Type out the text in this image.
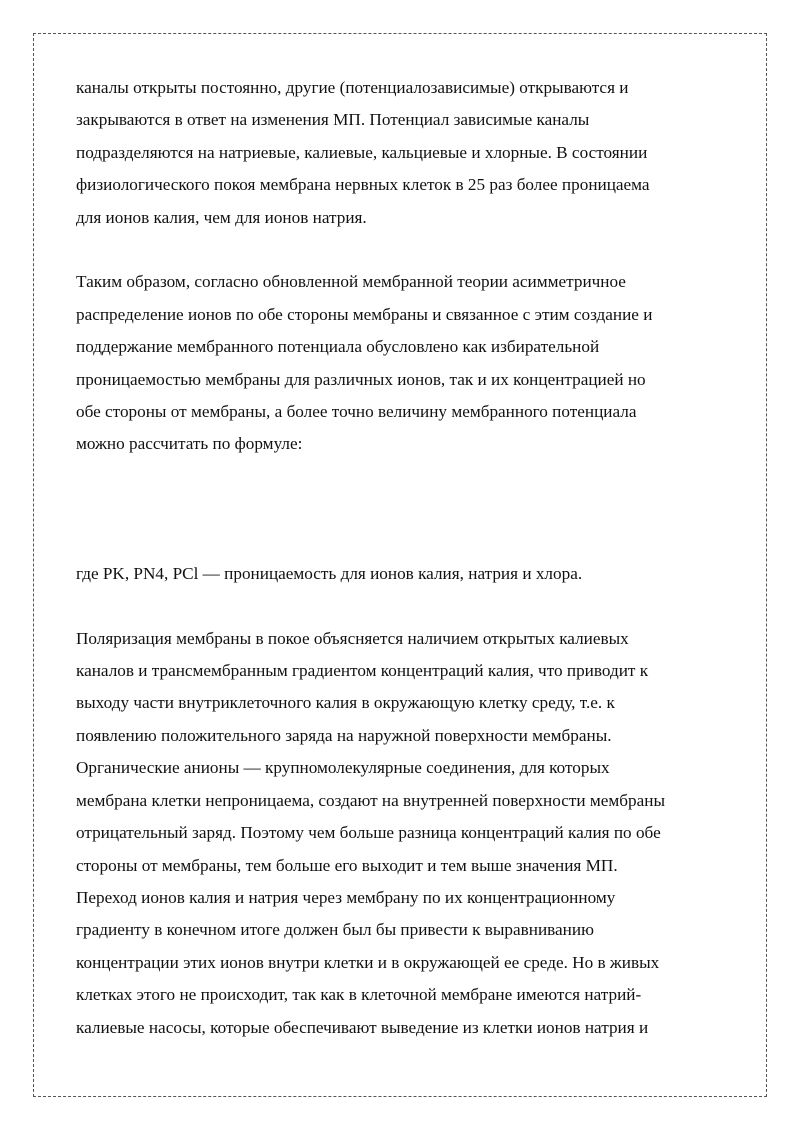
каналы открыты постоянно, другие (потенциалозависимые) открываются и
закрываются в ответ на изменения МП. Потенциал зависимые каналы
подразделяются на натриевые, калиевые, кальциевые и хлорные. В состоянии
физиологического покоя мембрана нервных клеток в 25 раз более проницаема
для ионов калия, чем для ионов натрия.
Таким образом, согласно обновленной мембранной теории асимметричное
распределение ионов по обе стороны мембраны и связанное с этим создание и
поддержание мембранного потенциала обусловлено как избирательной
проницаемостью мембраны для различных ионов, так и их концентрацией но
обе стороны от мембраны, а более точно величину мембранного потенциала
можно рассчитать по формуле:
где PK, PN4, PCl — проницаемость для ионов калия, натрия и хлора.
Поляризация мембраны в покое объясняется наличием открытых калиевых
каналов и трансмембранным градиентом концентраций калия, что приводит к
выходу части внутриклеточного калия в окружающую клетку среду, т.е. к
появлению положительного заряда на наружной поверхности мембраны.
Органические анионы — крупномолекулярные соединения, для которых
мембрана клетки непроницаема, создают на внутренней поверхности мембраны
отрицательный заряд. Поэтому чем больше разница концентраций калия по обе
стороны от мембраны, тем больше его выходит и тем выше значения МП.
Переход ионов калия и натрия через мембрану по их концентрационному
градиенту в конечном итоге должен был бы привести к выравниванию
концентрации этих ионов внутри клетки и в окружающей ее среде. Но в живых
клетках этого не происходит, так как в клеточной мембране имеются натрий-
калиевые насосы, которые обеспечивают выведение из клетки ионов натрия и
